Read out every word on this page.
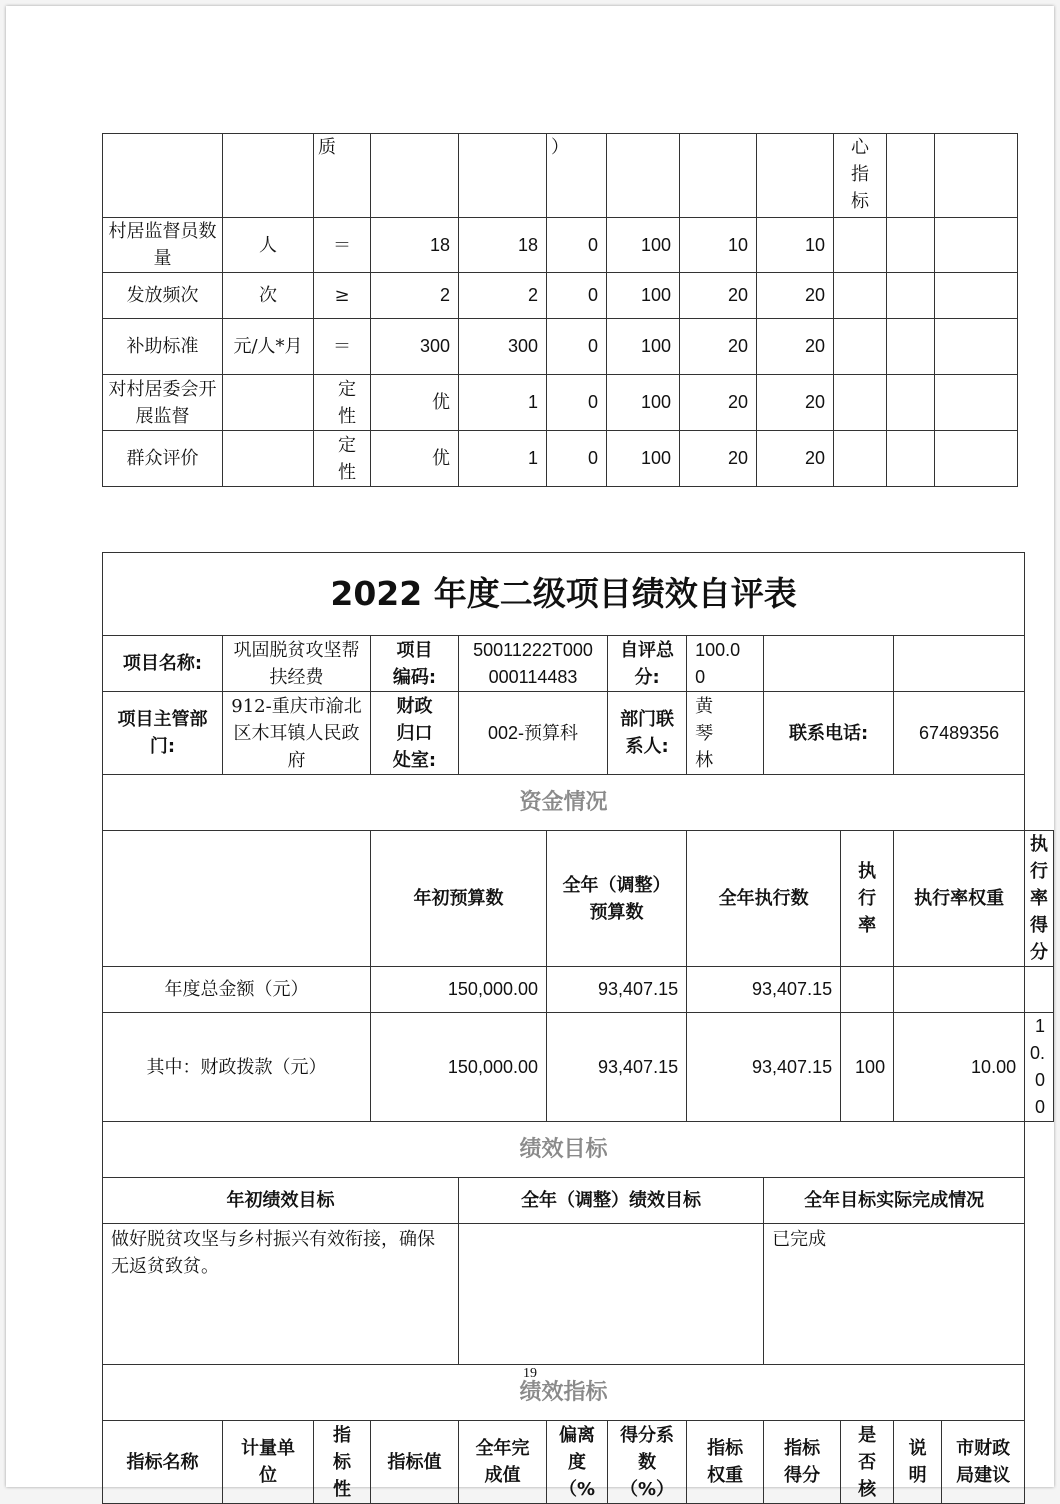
		质			）				心指标		
村居监督员数量	人	＝	18	18	0	100	10	10			
发放频次	次	≥	2	2	0	100	20	20			
补助标准	元/人*月	＝	300	300	0	100	20	20			
对村居委会开展监督		定性	优	1	0	100	20	20			
群众评价		定性	优	1	0	100	20	20			
2022 年度二级项目绩效自评表												
项目名称:	巩固脱贫攻坚帮扶经费		项目编码:	50011222T000000114483		自评总分:	100.00					
项目主管部门:	912-重庆市渝北区木耳镇人民政府		财政归口处室:	002-预算科		部门联系人:	黄琴林	联系电话:		67489356		
资金情况												
			年初预算数		全年（调整）预算数		全年执行数		执行率	执行率权重		执行率得分
年度总金额（元）			150,000.00		93,407.15		93,407.15					
其中：财政拨款（元）			150,000.00		93,407.15		93,407.15		100	10.00		10.00
绩效目标												
年初绩效目标				全年（调整）绩效目标				全年目标实际完成情况				
做好脱贫攻坚与乡村振兴有效衔接，确保无返贫致贫。								已完成				
绩效指标												
指标名称	计量单位	指标性	指标值	全年完成值	偏离度（%	得分系数（%）	指标权重	指标得分	是否核	说明	市财政局建议	
19
